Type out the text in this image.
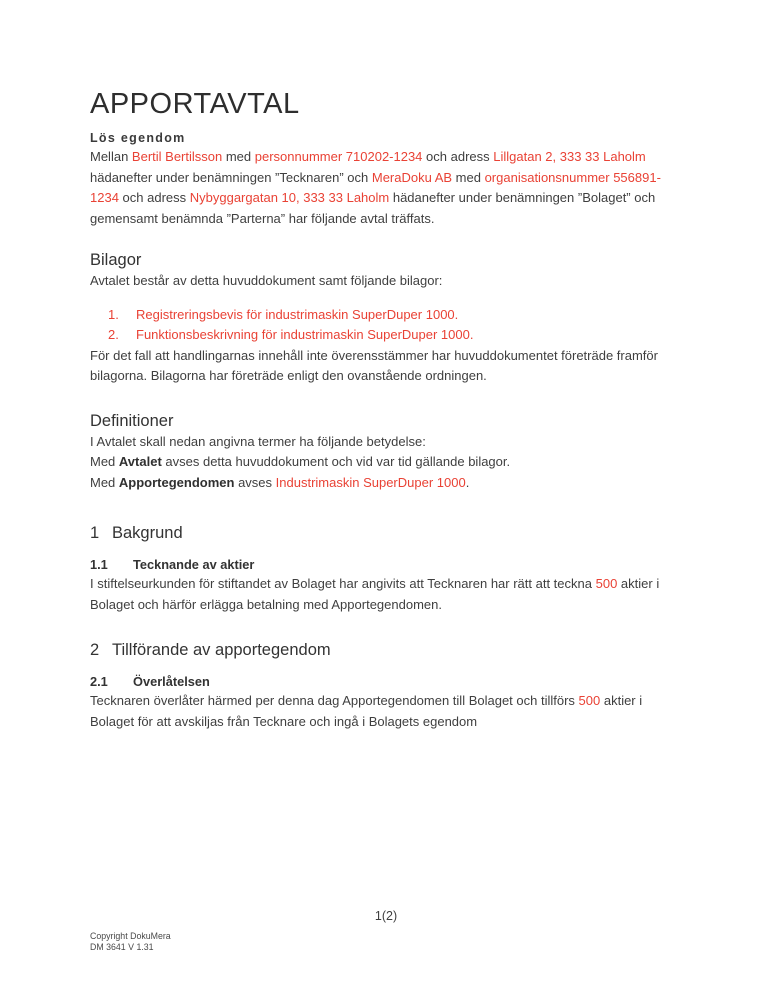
APPORTAVTAL
Lös egendom

Mellan Bertil Bertilsson med personnummer 710202-1234 och adress Lillgatan 2, 333 33 Laholm hädanefter under benämningen ”Tecknaren” och MeraDoku AB med organisationsnummer 556891-1234 och adress Nybyggargatan 10, 333 33 Laholm hädanefter under benämningen ”Bolaget” och gemensamt benämnda ”Parterna” har följande avtal träffats.

Bilagor

Avtalet består av detta huvuddokument samt följande bilagor:

1.	Registreringsbevis för industrimaskin SuperDuper 1000.
2.	Funktionsbeskrivning för industrimaskin SuperDuper 1000.

För det fall att handlingarnas innehåll inte överensstämmer har huvuddokumentet företräde framför bilagorna. Bilagorna har företräde enligt den ovanstående ordningen.

Definitioner

I Avtalet skall nedan angivna termer ha följande betydelse:

Med Avtalet avses detta huvuddokument och vid var tid gällande bilagor.

Med Apportegendomen avses Industrimaskin SuperDuper 1000.

1 Bakgrund
1.1	Tecknande av aktier

I stiftelseurkunden för stiftandet av Bolaget har angivits att Tecknaren har rätt att teckna 500 aktier i Bolaget och härför erlägga betalning med Apportegendomen.

2 Tillförande av apportegendom
2.1	Överlåtelsen

Tecknaren överlåter härmed per denna dag Apportegendomen till Bolaget och tillförs 500 aktier i Bolaget för att avskiljas från Tecknare och ingå i Bolagets egendom

1(2)
Copyright DokuMera
DM 3641 V 1.31
